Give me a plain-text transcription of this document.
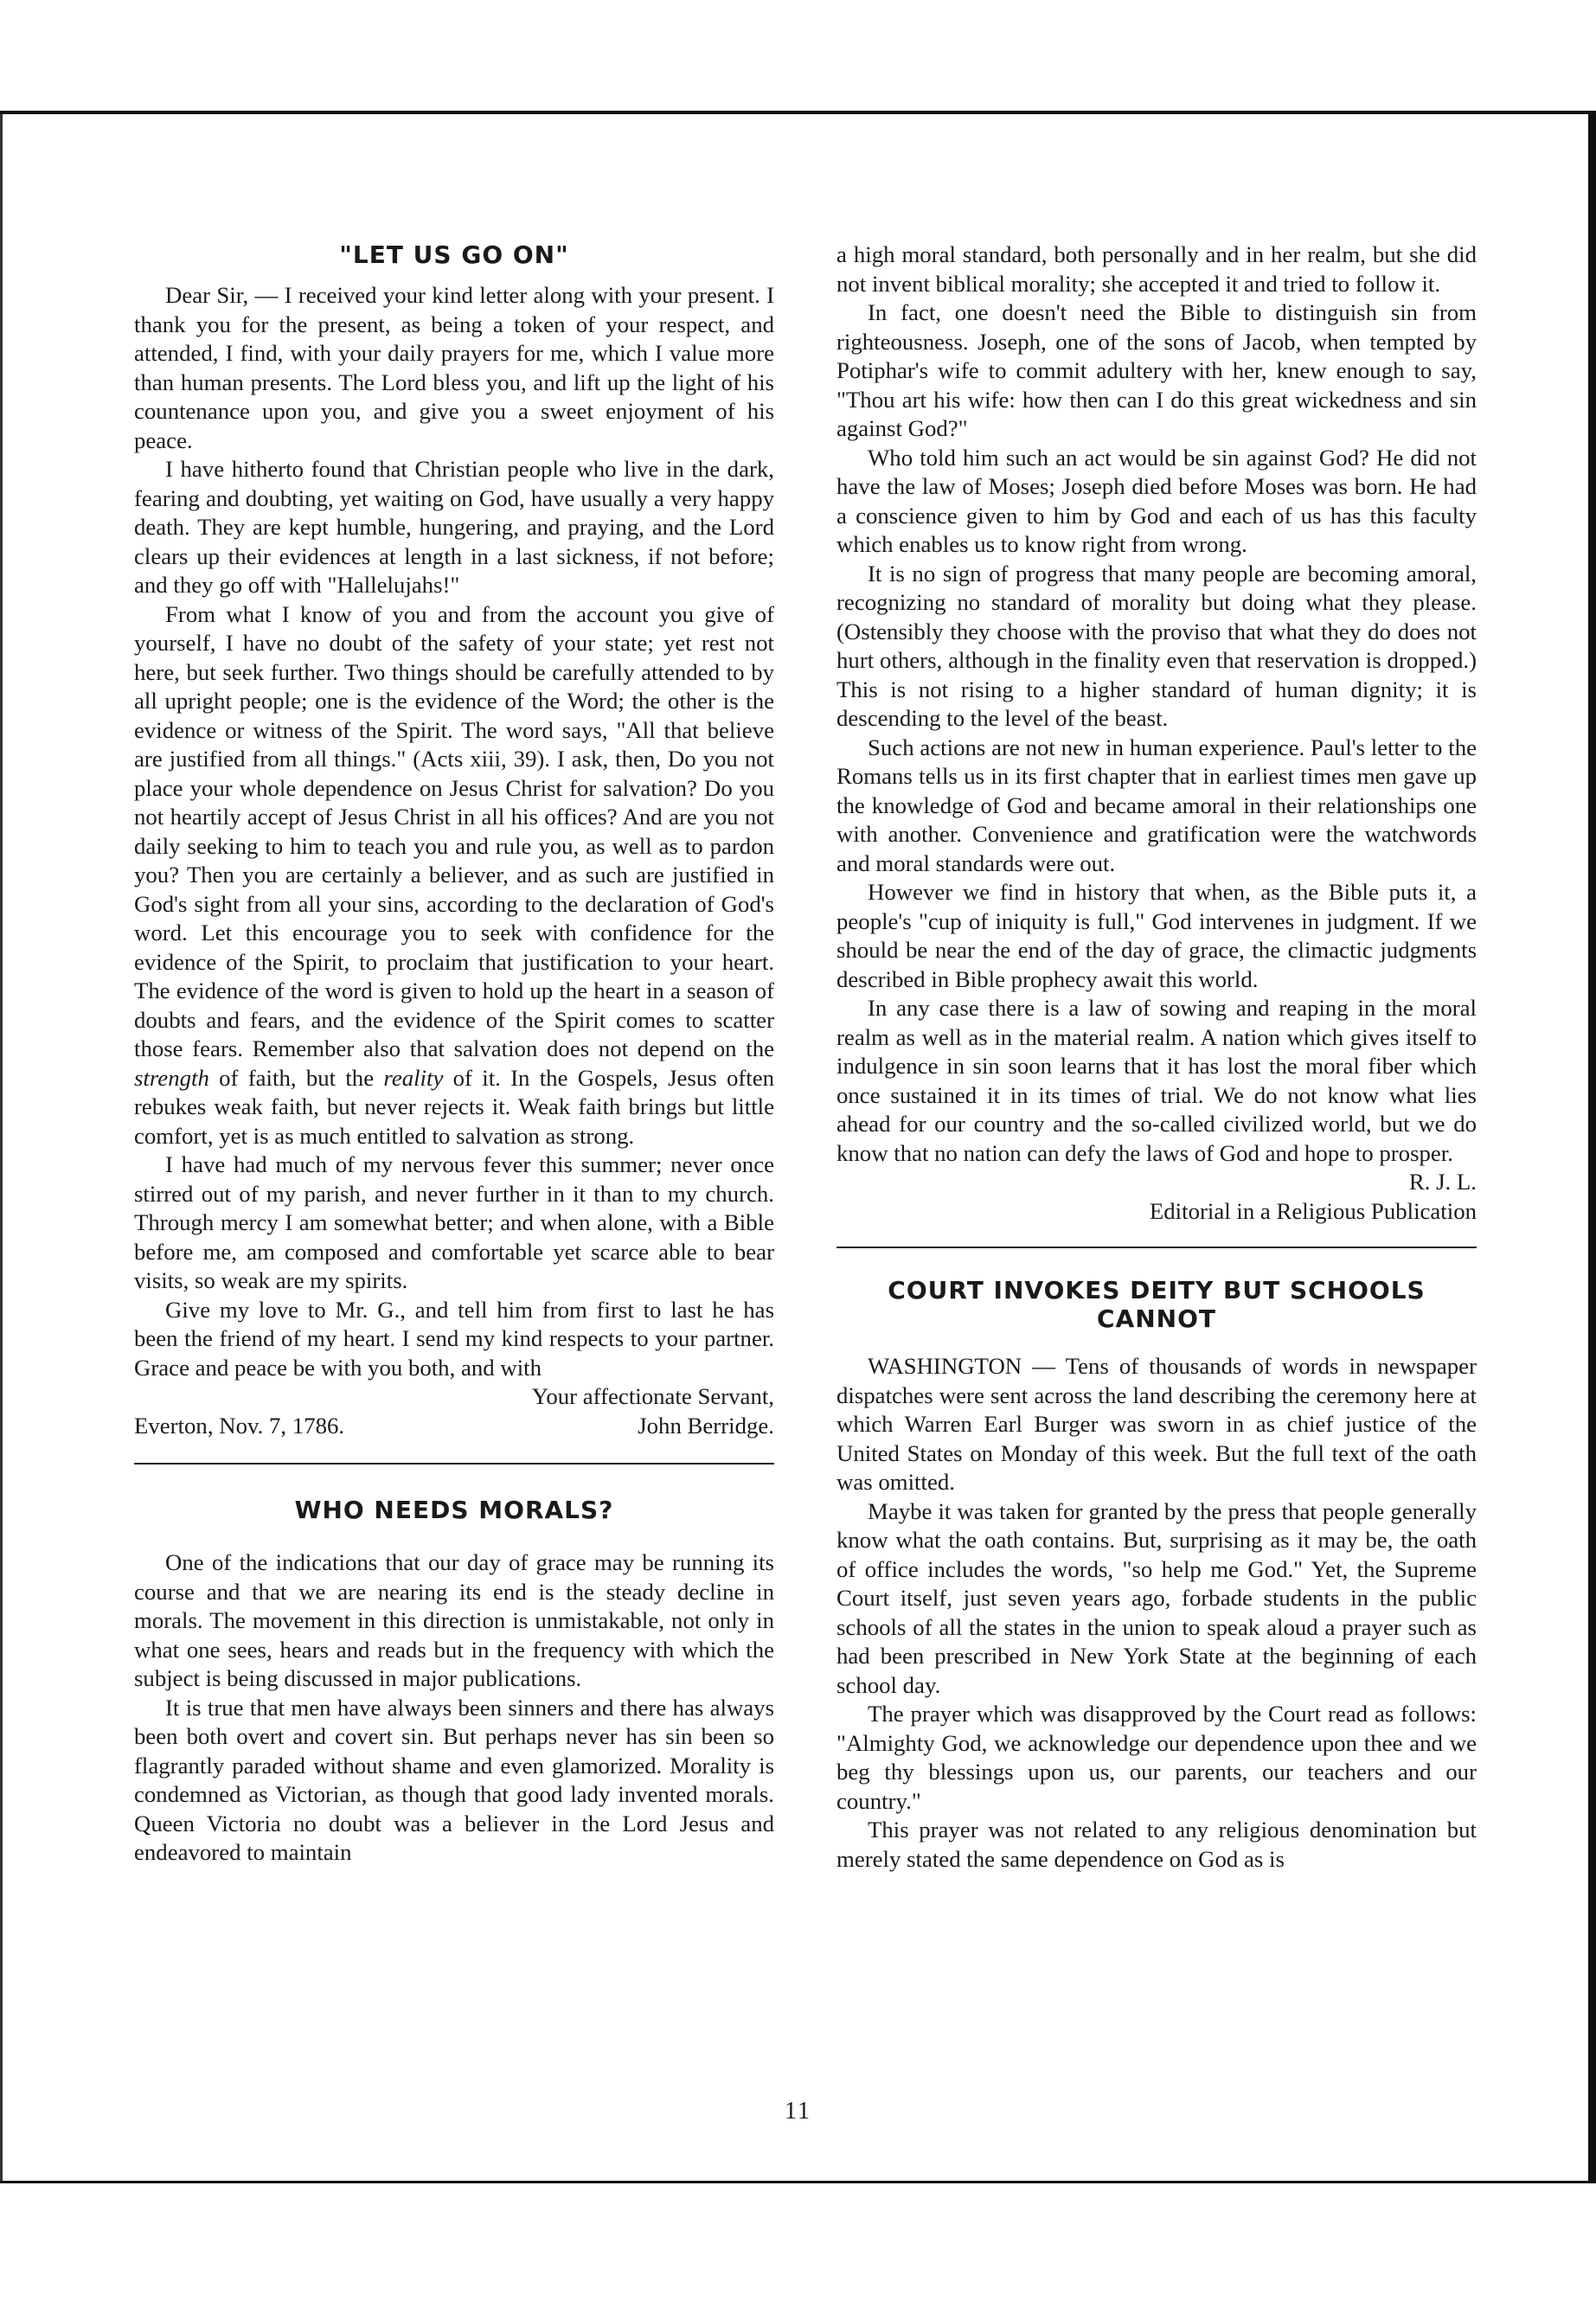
"LET US GO ON"

Dear Sir, — I received your kind letter along with your present. I thank you for the present, as being a token of your respect, and attended, I find, with your daily prayers for me, which I value more than human presents. The Lord bless you, and lift up the light of his countenance upon you, and give you a sweet enjoyment of his peace.

I have hitherto found that Christian people who live in the dark, fearing and doubting, yet waiting on God, have usually a very happy death. They are kept humble, hungering, and praying, and the Lord clears up their evidences at length in a last sickness, if not before; and they go off with "Hallelujahs!"

From what I know of you and from the account you give of yourself, I have no doubt of the safety of your state; yet rest not here, but seek further. Two things should be carefully attended to by all upright people; one is the evidence of the Word; the other is the evidence or witness of the Spirit. The word says, "All that believe are justified from all things." (Acts xiii, 39). I ask, then, Do you not place your whole dependence on Jesus Christ for salvation? Do you not heartily accept of Jesus Christ in all his offices? And are you not daily seeking to him to teach you and rule you, as well as to pardon you? Then you are certainly a believer, and as such are justified in God's sight from all your sins, according to the declaration of God's word. Let this encourage you to seek with confidence for the evidence of the Spirit, to proclaim that justification to your heart. The evidence of the word is given to hold up the heart in a season of doubts and fears, and the evidence of the Spirit comes to scatter those fears. Remember also that salvation does not depend on the strength of faith, but the reality of it. In the Gospels, Jesus often rebukes weak faith, but never rejects it. Weak faith brings but little comfort, yet is as much entitled to salvation as strong.

I have had much of my nervous fever this summer; never once stirred out of my parish, and never further in it than to my church. Through mercy I am somewhat better; and when alone, with a Bible before me, am composed and comfortable yet scarce able to bear visits, so weak are my spirits.

Give my love to Mr. G., and tell him from first to last he has been the friend of my heart. I send my kind respects to your partner. Grace and peace be with you both, and with

Your affectionate Servant,
Everton, Nov. 7, 1786.	John Berridge.
WHO NEEDS MORALS?

One of the indications that our day of grace may be running its course and that we are nearing its end is the steady decline in morals. The movement in this direction is unmistakable, not only in what one sees, hears and reads but in the frequency with which the subject is being discussed in major publications.

It is true that men have always been sinners and there has always been both overt and covert sin. But perhaps never has sin been so flagrantly paraded without shame and even glamorized. Morality is condemned as Victorian, as though that good lady invented morals. Queen Victoria no doubt was a believer in the Lord Jesus and endeavored to maintain

a high moral standard, both personally and in her realm, but she did not invent biblical morality; she accepted it and tried to follow it.

In fact, one doesn't need the Bible to distinguish sin from righteousness. Joseph, one of the sons of Jacob, when tempted by Potiphar's wife to commit adultery with her, knew enough to say, "Thou art his wife: how then can I do this great wickedness and sin against God?"

Who told him such an act would be sin against God? He did not have the law of Moses; Joseph died before Moses was born. He had a conscience given to him by God and each of us has this faculty which enables us to know right from wrong.

It is no sign of progress that many people are becoming amoral, recognizing no standard of morality but doing what they please. (Ostensibly they choose with the proviso that what they do does not hurt others, although in the finality even that reservation is dropped.) This is not rising to a higher standard of human dignity; it is descending to the level of the beast.

Such actions are not new in human experience. Paul's letter to the Romans tells us in its first chapter that in earliest times men gave up the knowledge of God and became amoral in their relationships one with another. Convenience and gratification were the watchwords and moral standards were out.

However we find in history that when, as the Bible puts it, a people's "cup of iniquity is full," God intervenes in judgment. If we should be near the end of the day of grace, the climactic judgments described in Bible prophecy await this world.

In any case there is a law of sowing and reaping in the moral realm as well as in the material realm. A nation which gives itself to indulgence in sin soon learns that it has lost the moral fiber which once sustained it in its times of trial. We do not know what lies ahead for our country and the so-called civilized world, but we do know that no nation can defy the laws of God and hope to prosper.

R. J. L.
Editorial in a Religious Publication
COURT INVOKES DEITY BUT SCHOOLS CANNOT

WASHINGTON — Tens of thousands of words in newspaper dispatches were sent across the land describing the ceremony here at which Warren Earl Burger was sworn in as chief justice of the United States on Monday of this week. But the full text of the oath was omitted.

Maybe it was taken for granted by the press that people generally know what the oath contains. But, surprising as it may be, the oath of office includes the words, "so help me God." Yet, the Supreme Court itself, just seven years ago, forbade students in the public schools of all the states in the union to speak aloud a prayer such as had been prescribed in New York State at the beginning of each school day.

The prayer which was disapproved by the Court read as follows: "Almighty God, we acknowledge our dependence upon thee and we beg thy blessings upon us, our parents, our teachers and our country."

This prayer was not related to any religious denomination but merely stated the same dependence on God as is

11
